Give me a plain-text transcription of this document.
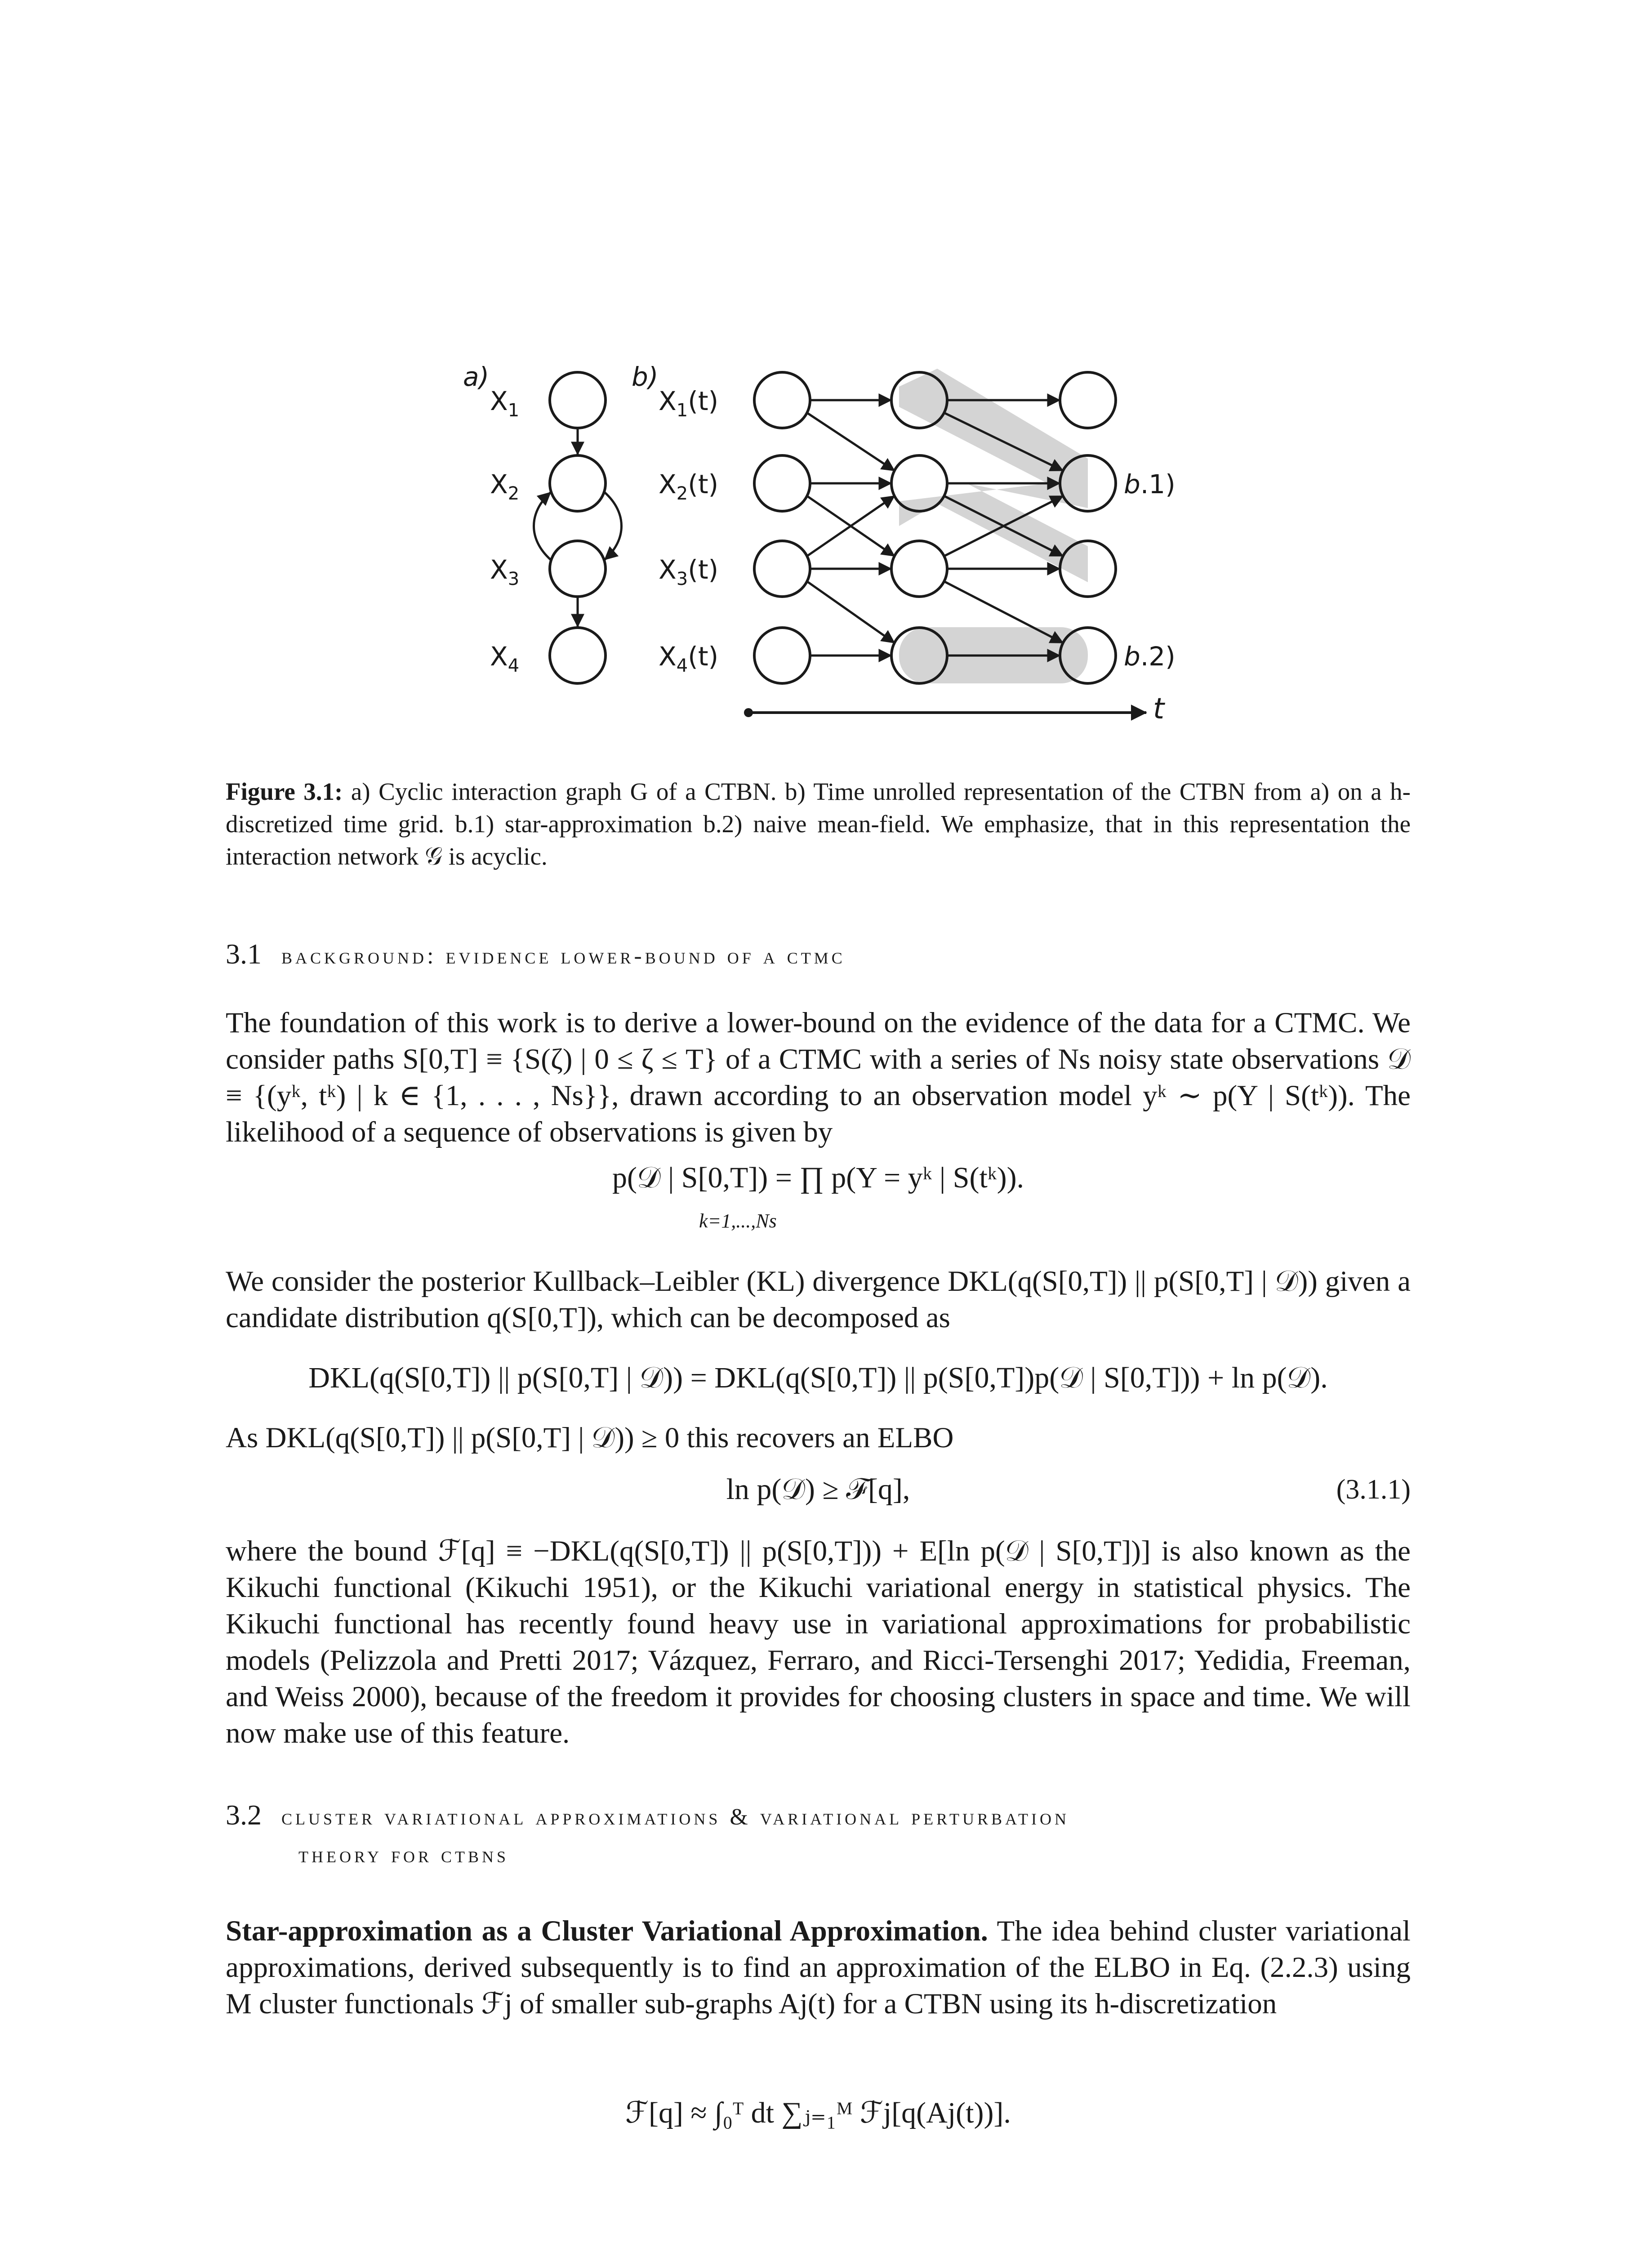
a)	b)
$X_1$
$X_2$
$X_3$
$X_4$
$X_1(t)$
$X_2(t)$
$X_3(t)$
$X_4(t)$
b.1)
b.2)
t
Figure 3.1: a) Cyclic interaction graph G of a CTBN. b) Time unrolled representation of the CTBN from a) on a h-discretized time grid. b.1) star-approximation b.2) naive mean-field. We emphasize, that in this representation the interaction network 𝒢 is acyclic.
3.1 background: evidence lower-bound of a ctmc
The foundation of this work is to derive a lower-bound on the evidence of the data for a CTMC. We consider paths S[0,T] ≡ {S(ζ) | 0 ≤ ζ ≤ T} of a CTMC with a series of Ns noisy state observations 𝒟 ≡ {(yᵏ, tᵏ) | k ∈ {1, . . . , Ns}}, drawn according to an observation model yᵏ ∼ p(Y | S(tᵏ)). The likelihood of a sequence of observations is given by
p(𝒟 | S[0,T]) = ∏ p(Y = yᵏ | S(tᵏ)).
k=1,...,Ns
We consider the posterior Kullback–Leibler (KL) divergence DKL(q(S[0,T]) || p(S[0,T] | 𝒟)) given a candidate distribution q(S[0,T]), which can be decomposed as
DKL(q(S[0,T]) || p(S[0,T] | 𝒟)) = DKL(q(S[0,T]) || p(S[0,T])p(𝒟 | S[0,T])) + ln p(𝒟).
As DKL(q(S[0,T]) || p(S[0,T] | 𝒟)) ≥ 0 this recovers an ELBO
ln p(𝒟) ≥ ℱ[q],	(3.1.1)
where the bound ℱ[q] ≡ −DKL(q(S[0,T]) || p(S[0,T])) + E[ln p(𝒟 | S[0,T])] is also known as the Kikuchi functional (Kikuchi 1951), or the Kikuchi variational energy in statistical physics. The Kikuchi functional has recently found heavy use in variational approximations for probabilistic models (Pelizzola and Pretti 2017; Vázquez, Ferraro, and Ricci-Tersenghi 2017; Yedidia, Freeman, and Weiss 2000), because of the freedom it provides for choosing clusters in space and time. We will now make use of this feature.
3.2 cluster variational approximations & variational perturbation
theory for ctbns
Star-approximation as a Cluster Variational Approximation. The idea behind cluster variational approximations, derived subsequently is to find an approximation of the ELBO in Eq. (2.2.3) using M cluster functionals ℱj of smaller sub-graphs Aj(t) for a CTBN using its h-discretization
ℱ[q] ≈ ∫₀ᵀ dt ∑ⱼ₌₁ᴹ ℱj[q(Aj(t))].
